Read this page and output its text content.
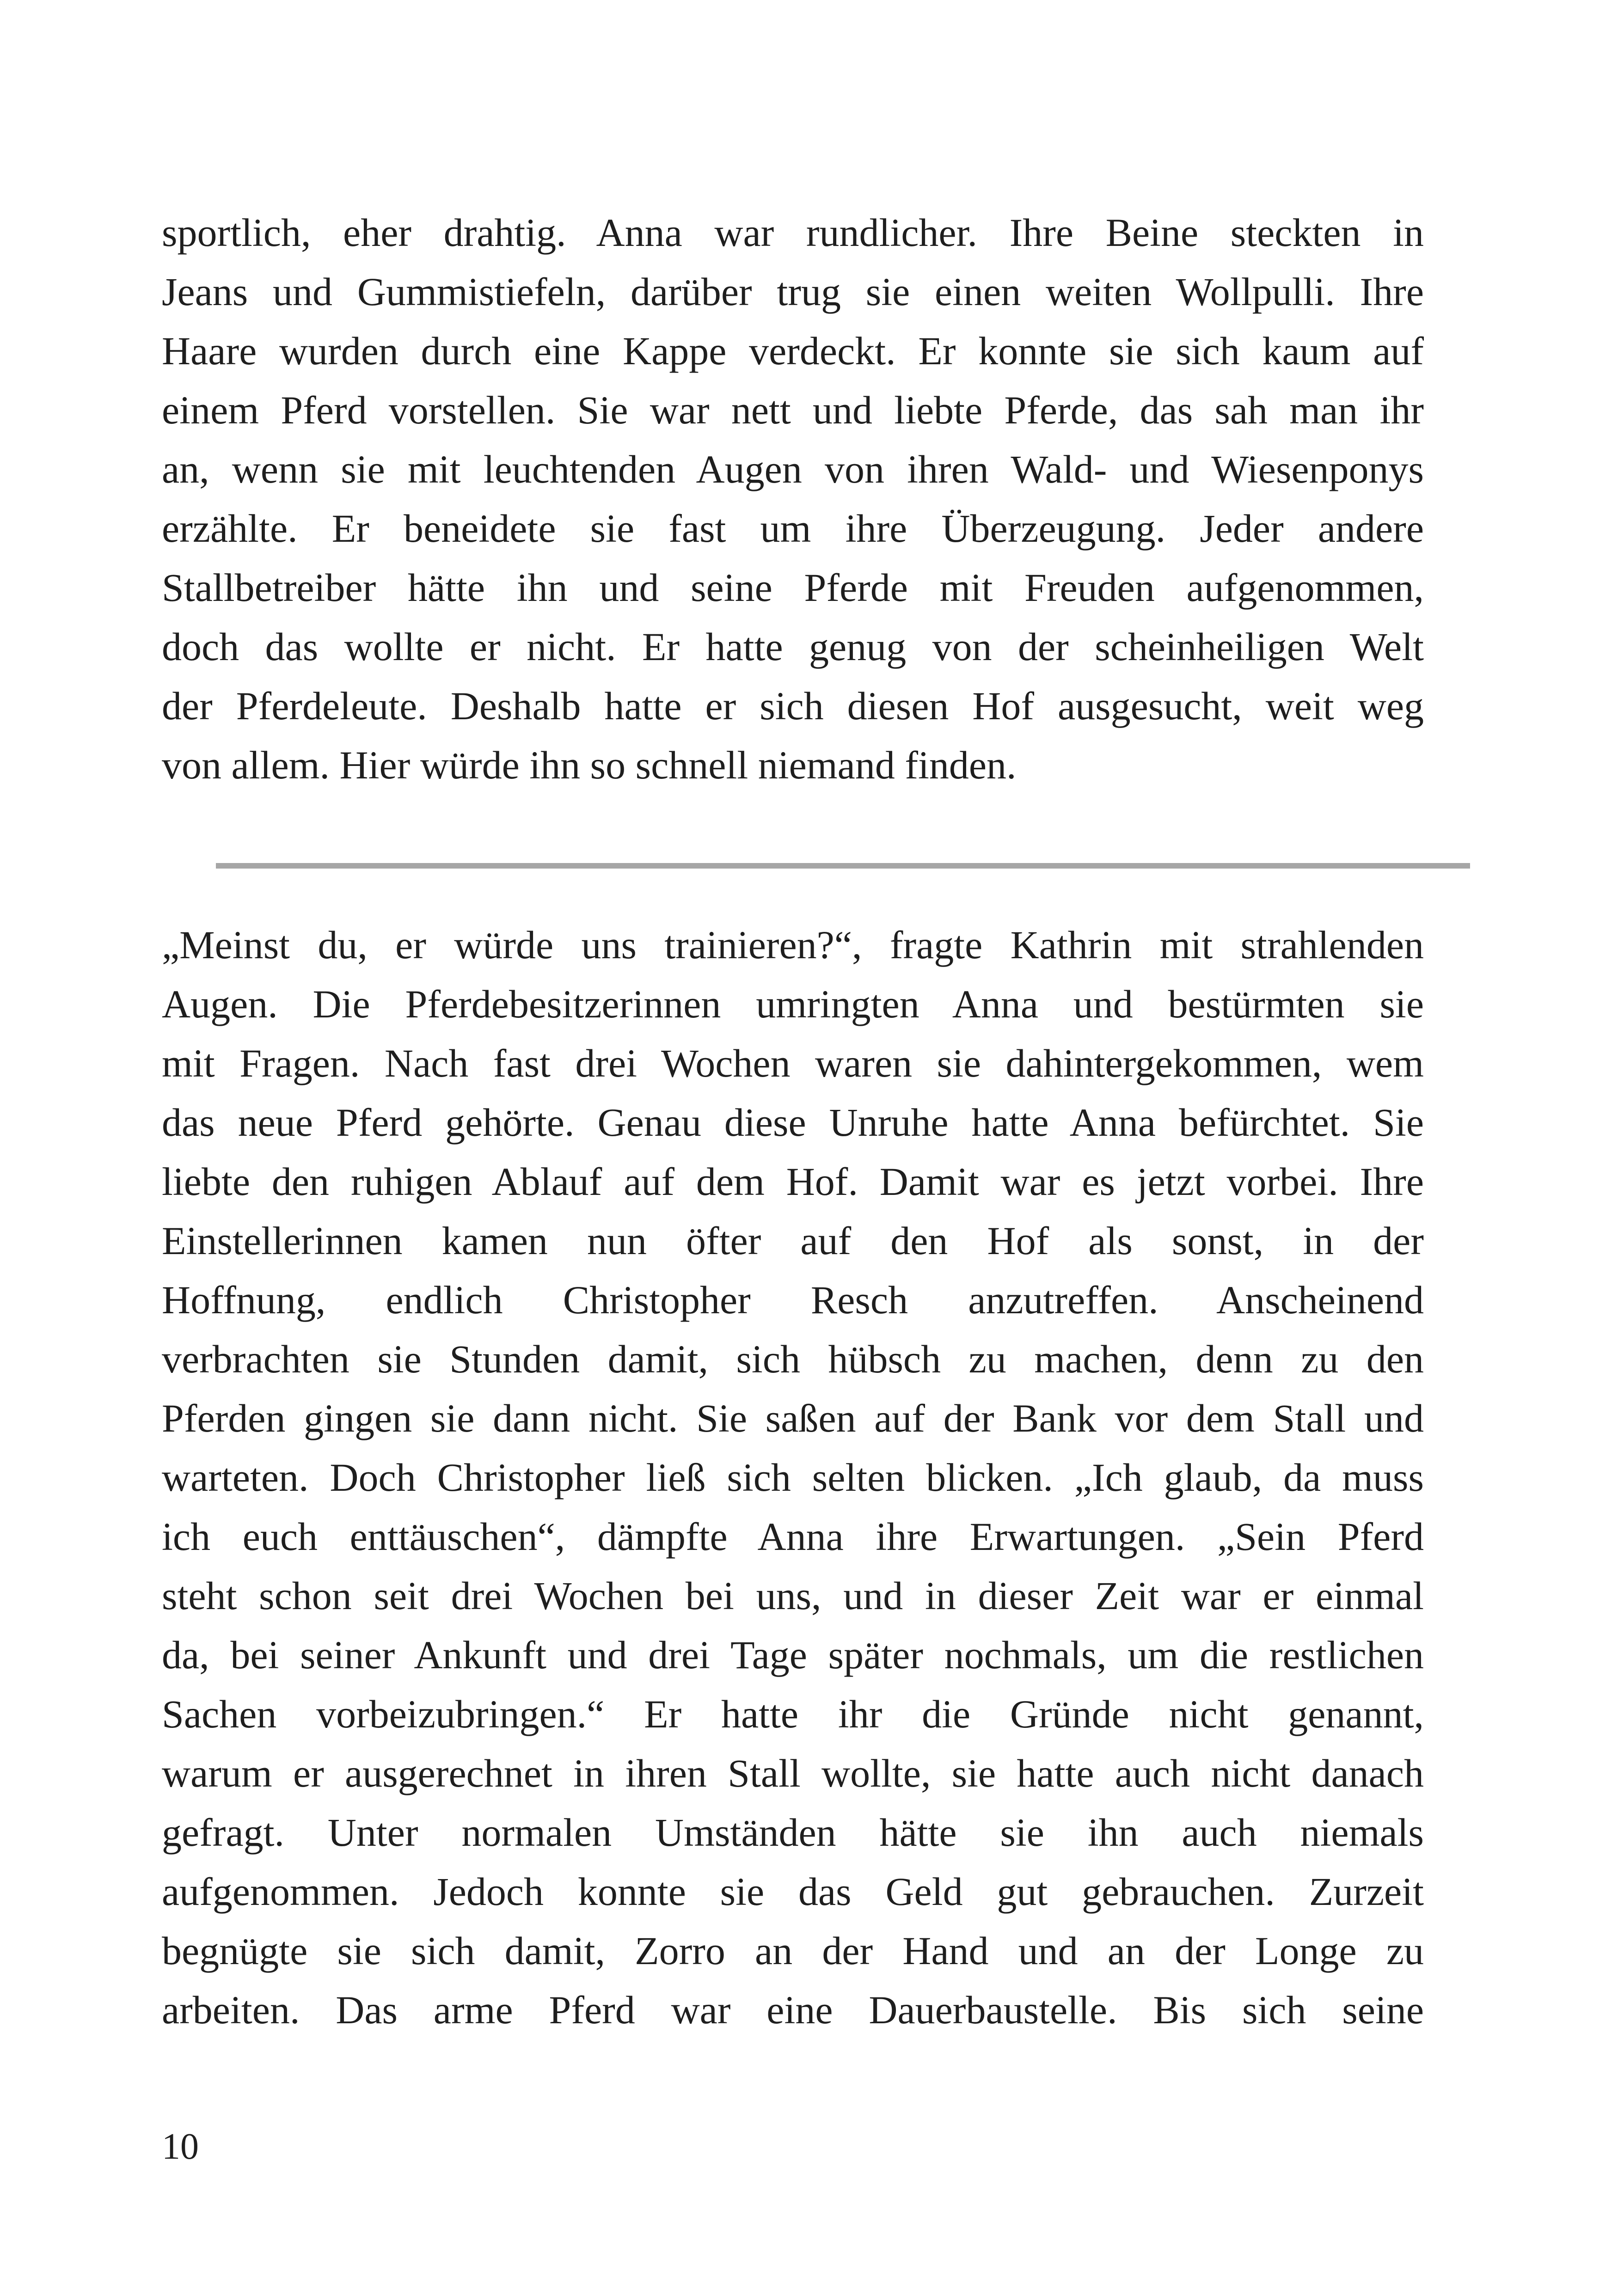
sportlich, eher drahtig. Anna war rundlicher. Ihre Beine steckten in
Jeans und Gummistiefeln, darüber trug sie einen weiten Wollpulli. Ihre
Haare wurden durch eine Kappe verdeckt. Er konnte sie sich kaum auf
einem Pferd vorstellen. Sie war nett und liebte Pferde, das sah man ihr
an, wenn sie mit leuchtenden Augen von ihren Wald- und Wiesenponys
erzählte. Er beneidete sie fast um ihre Überzeugung. Jeder andere
Stallbetreiber hätte ihn und seine Pferde mit Freuden aufgenommen,
doch das wollte er nicht. Er hatte genug von der scheinheiligen Welt
der Pferdeleute. Deshalb hatte er sich diesen Hof ausgesucht, weit weg
von allem. Hier würde ihn so schnell niemand finden.
„Meinst du, er würde uns trainieren?“, fragte Kathrin mit strahlenden
Augen. Die Pferdebesitzerinnen umringten Anna und bestürmten sie
mit Fragen. Nach fast drei Wochen waren sie dahintergekommen, wem
das neue Pferd gehörte. Genau diese Unruhe hatte Anna befürchtet. Sie
liebte den ruhigen Ablauf auf dem Hof. Damit war es jetzt vorbei. Ihre
Einstellerinnen kamen nun öfter auf den Hof als sonst, in der
Hoffnung, endlich Christopher Resch anzutreffen. Anscheinend
verbrachten sie Stunden damit, sich hübsch zu machen, denn zu den
Pferden gingen sie dann nicht. Sie saßen auf der Bank vor dem Stall und
warteten. Doch Christopher ließ sich selten blicken. „Ich glaub, da muss
ich euch enttäuschen“, dämpfte Anna ihre Erwartungen. „Sein Pferd
steht schon seit drei Wochen bei uns, und in dieser Zeit war er einmal
da, bei seiner Ankunft und drei Tage später nochmals, um die restlichen
Sachen vorbeizubringen.“ Er hatte ihr die Gründe nicht genannt,
warum er ausgerechnet in ihren Stall wollte, sie hatte auch nicht danach
gefragt. Unter normalen Umständen hätte sie ihn auch niemals
aufgenommen. Jedoch konnte sie das Geld gut gebrauchen. Zurzeit
begnügte sie sich damit, Zorro an der Hand und an der Longe zu
arbeiten. Das arme Pferd war eine Dauerbaustelle. Bis sich seine

10
